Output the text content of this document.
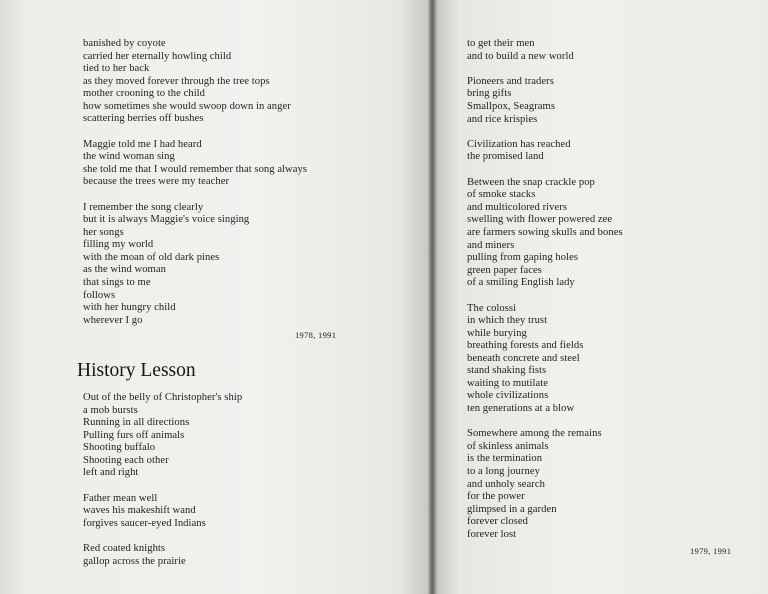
banished by coyote
carried her eternally howling child
tied to her back
as they moved forever through the tree tops
mother crooning to the child
how sometimes she would swoop down in anger
scattering berries off bushes
Maggie told me I had heard
the wind woman sing
she told me that I would remember that song always
because the trees were my teacher
I remember the song clearly
but it is always Maggie's voice singing
her songs
filling my world
with the moan of old dark pines
as the wind woman
that sings to me
follows
with her hungry child
wherever I go
1978, 1991
History Lesson
Out of the belly of Christopher's ship
a mob bursts
Running in all directions
Pulling furs off animals
Shooting buffalo
Shooting each other
left and right
Father mean well
waves his makeshift wand
forgives saucer-eyed Indians
Red coated knights
gallop across the prairie
to get their men
and to build a new world
Pioneers and traders
bring gifts
Smallpox, Seagrams
and rice krispies
Civilization has reached
the promised land
Between the snap crackle pop
of smoke stacks
and multicolored rivers
swelling with flower powered zee
are farmers sowing skulls and bones
and miners
pulling from gaping holes
green paper faces
of a smiling English lady
The colossi
in which they trust
while burying
breathing forests and fields
beneath concrete and steel
stand shaking fists
waiting to mutilate
whole civilizations
ten generations at a blow
Somewhere among the remains
of skinless animals
is the termination
to a long journey
and unholy search
for the power
glimpsed in a garden
forever closed
forever lost
1979, 1991
